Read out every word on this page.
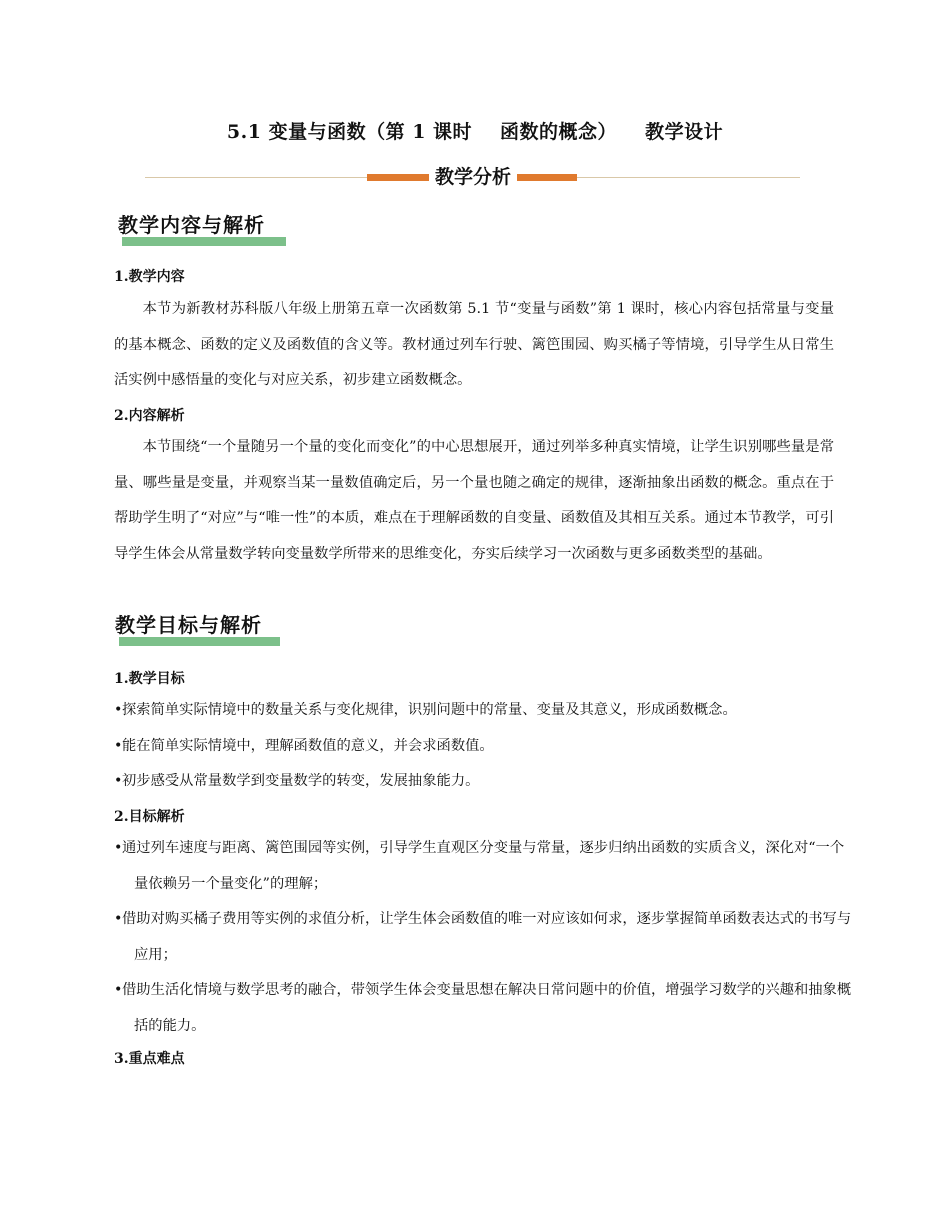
5.1 变量与函数（第 1 课时 函数的概念） 教学设计
教学分析
教学内容与解析
1.教学内容

本节为新教材苏科版八年级上册第五章一次函数第 5.1 节“变量与函数”第 1 课时，核心内容包括常量与变量的基本概念、函数的定义及函数值的含义等。教材通过列车行驶、篱笆围园、购买橘子等情境，引导学生从日常生活实例中感悟量的变化与对应关系，初步建立函数概念。

2.内容解析

本节围绕“一个量随另一个量的变化而变化”的中心思想展开，通过列举多种真实情境，让学生识别哪些量是常量、哪些量是变量，并观察当某一量数值确定后，另一个量也随之确定的规律，逐渐抽象出函数的概念。重点在于帮助学生明了“对应”与“唯一性”的本质，难点在于理解函数的自变量、函数值及其相互关系。通过本节教学，可引导学生体会从常量数学转向变量数学所带来的思维变化，夯实后续学习一次函数与更多函数类型的基础。

教学目标与解析
1.教学目标
•探索简单实际情境中的数量关系与变化规律，识别问题中的常量、变量及其意义，形成函数概念。
•能在简单实际情境中，理解函数值的意义，并会求函数值。
•初步感受从常量数学到变量数学的转变，发展抽象能力。
2.目标解析
•通过列车速度与距离、篱笆围园等实例，引导学生直观区分变量与常量，逐步归纳出函数的实质含义，深化对“一个量依赖另一个量变化”的理解；
•借助对购买橘子费用等实例的求值分析，让学生体会函数值的唯一对应该如何求，逐步掌握简单函数表达式的书写与应用；
•借助生活化情境与数学思考的融合，带领学生体会变量思想在解决日常问题中的价值，增强学习数学的兴趣和抽象概括的能力。
3.重点难点
